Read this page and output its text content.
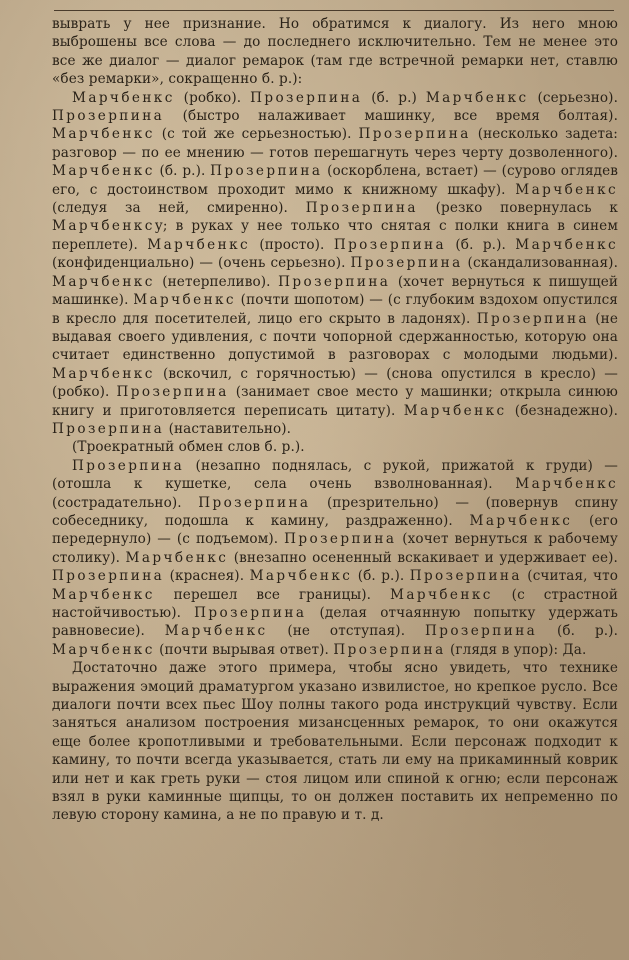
выврать у нее признание. Но обратимся к диалогу. Из него мною выброшены все слова — до последнего исключительно. Тем не менее это все же диалог — диалог ремарок (там где встречной ремарки нет, ставлю «без ремарки», сокращенно б. р.):

Марчбенкс (робко). Прозерпина (б. р.) Марчбенкс (серьезно). Прозерпина (быстро налаживает машинку, все время болтая). Марчбенкс (с той же серьезностью). Прозерпина (несколько задета: разговор — по ее мнению — готов перешагнуть через черту дозволенного). Марчбенкс (б. р.). Прозерпина (оскорблена, встает) — (сурово оглядев его, с достоинством проходит мимо к книжному шкафу). Марчбенкс (следуя за ней, смиренно). Прозерпина (резко повернулась к Марчбенксу; в руках у нее только что снятая с полки книга в синем переплете). Марчбенкс (просто). Прозерпина (б. р.). Марчбенкс (конфиденциально) — (очень серьезно). Прозерпина (скандализованная). Марчбенкс (нетерпеливо). Прозерпина (хочет вернуться к пишущей машинке). Марчбенкс (почти шопотом) — (с глубоким вздохом опустился в кресло для посетителей, лицо его скрыто в ладонях). Прозерпина (не выдавая своего удивления, с почти чопорной сдержанностью, которую она считает единственно допустимой в разговорах с молодыми людьми). Марчбенкс (вскочил, с горячностью) — (снова опустился в кресло) — (робко). Прозерпина (занимает свое место у машинки; открыла синюю книгу и приготовляется переписать цитату). Марчбенкс (безнадежно). Прозерпина (наставительно).

(Троекратный обмен слов б. р.).

Прозерпина (незапно поднялась, с рукой, прижатой к груди) — (отошла к кушетке, села очень взволнованная). Марчбенкс (сострадательно). Прозерпина (презрительно) — (повернув спину собеседнику, подошла к камину, раздраженно). Марчбенкс (его передернуло) — (с подъемом). Прозерпина (хочет вернуться к рабочему столику). Марчбенкс (внезапно осененный вскакивает и удерживает ее). Прозерпина (краснея). Марчбенкс (б. р.). Прозерпина (считая, что Марчбенкс перешел все границы). Марчбенкс (с страстной настойчивостью). Прозерпина (делая отчаянную попытку удержать равновесие). Марчбенкс (не отступая). Прозерпина (б. р.). Марчбенкс (почти вырывая ответ). Прозерпина (глядя в упор): Да.

Достаточно даже этого примера, чтобы ясно увидеть, что технике выражения эмоций драматургом указано извилистое, но крепкое русло. Все диалоги почти всех пьес Шоу полны такого рода инструкций чувству. Если заняться анализом построения мизансценных ремарок, то они окажутся еще более кропотливыми и требовательными. Если персонаж подходит к камину, то почти всегда указывается, стать ли ему на прикаминный коврик или нет и как греть руки — стоя лицом или спиной к огню; если персонаж взял в руки каминные щипцы, то он должен поставить их непременно по левую сторону камина, а не по правую и т. д.
